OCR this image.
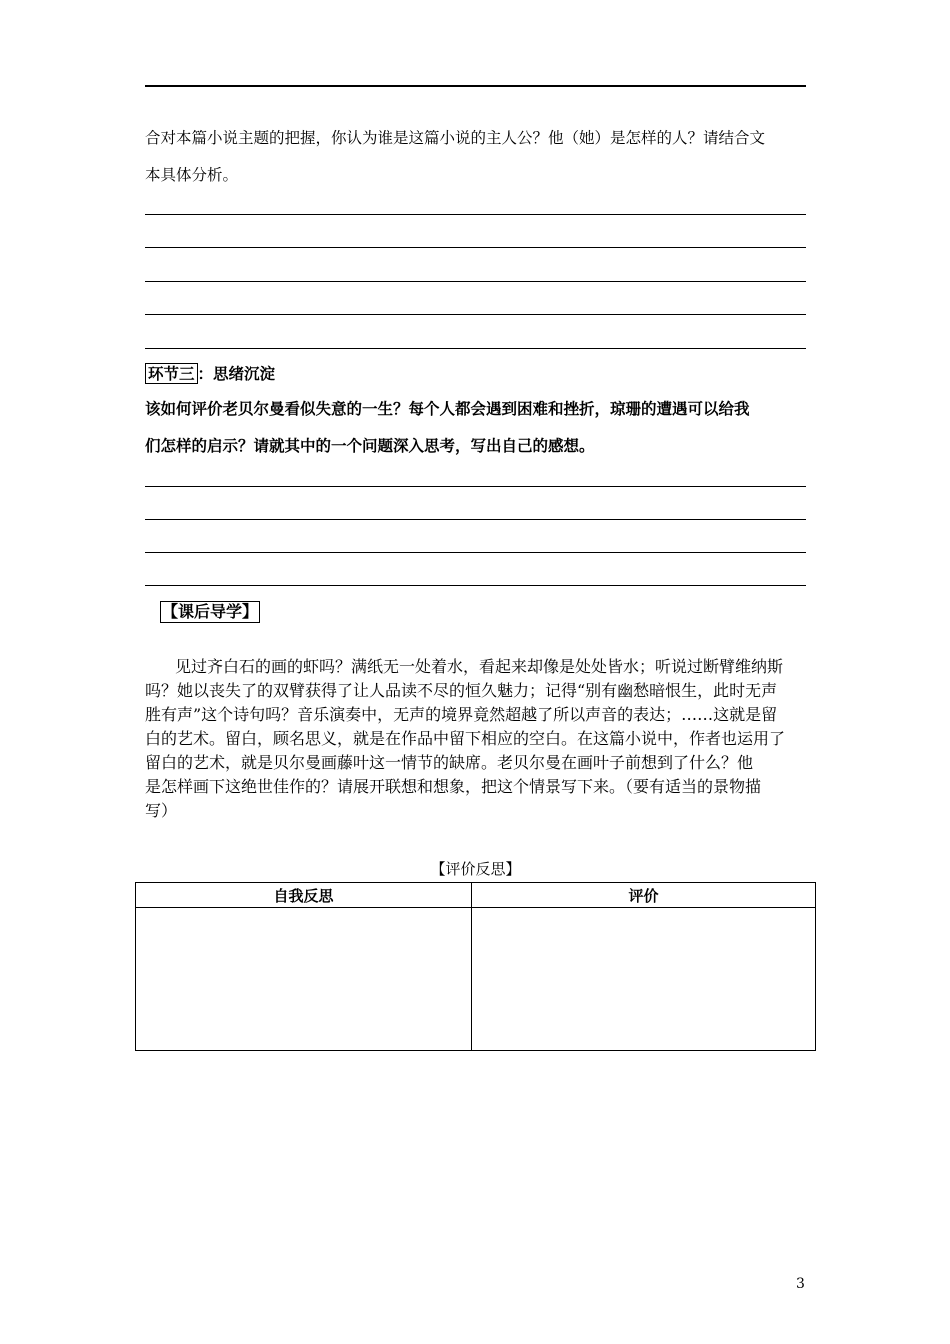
合对本篇小说主题的把握，你认为谁是这篇小说的主人公？他（她）是怎样的人？请结合文
本具体分析。
环节三 ：思绪沉淀
该如何评价老贝尔曼看似失意的一生？每个人都会遇到困难和挫折，琼珊的遭遇可以给我
们怎样的启示？请就其中的一个问题深入思考，写出自己的感想。
【课后导学】
见过齐白石的画的虾吗？满纸无一处着水，看起来却像是处处皆水；听说过断臂维纳斯
吗？她以丧失了的双臂获得了让人品读不尽的恒久魅力；记得“别有幽愁暗恨生，此时无声
胜有声”这个诗句吗？音乐演奏中，无声的境界竟然超越了所以声音的表达；……这就是留
白的艺术。留白，顾名思义，就是在作品中留下相应的空白。在这篇小说中，作者也运用了
留白的艺术，就是贝尔曼画藤叶这一情节的缺席。老贝尔曼在画叶子前想到了什么？他
是怎样画下这绝世佳作的？请展开联想和想象，把这个情景写下来。（要有适当的景物描
写）
【评价反思】
自我反思	评价

3
